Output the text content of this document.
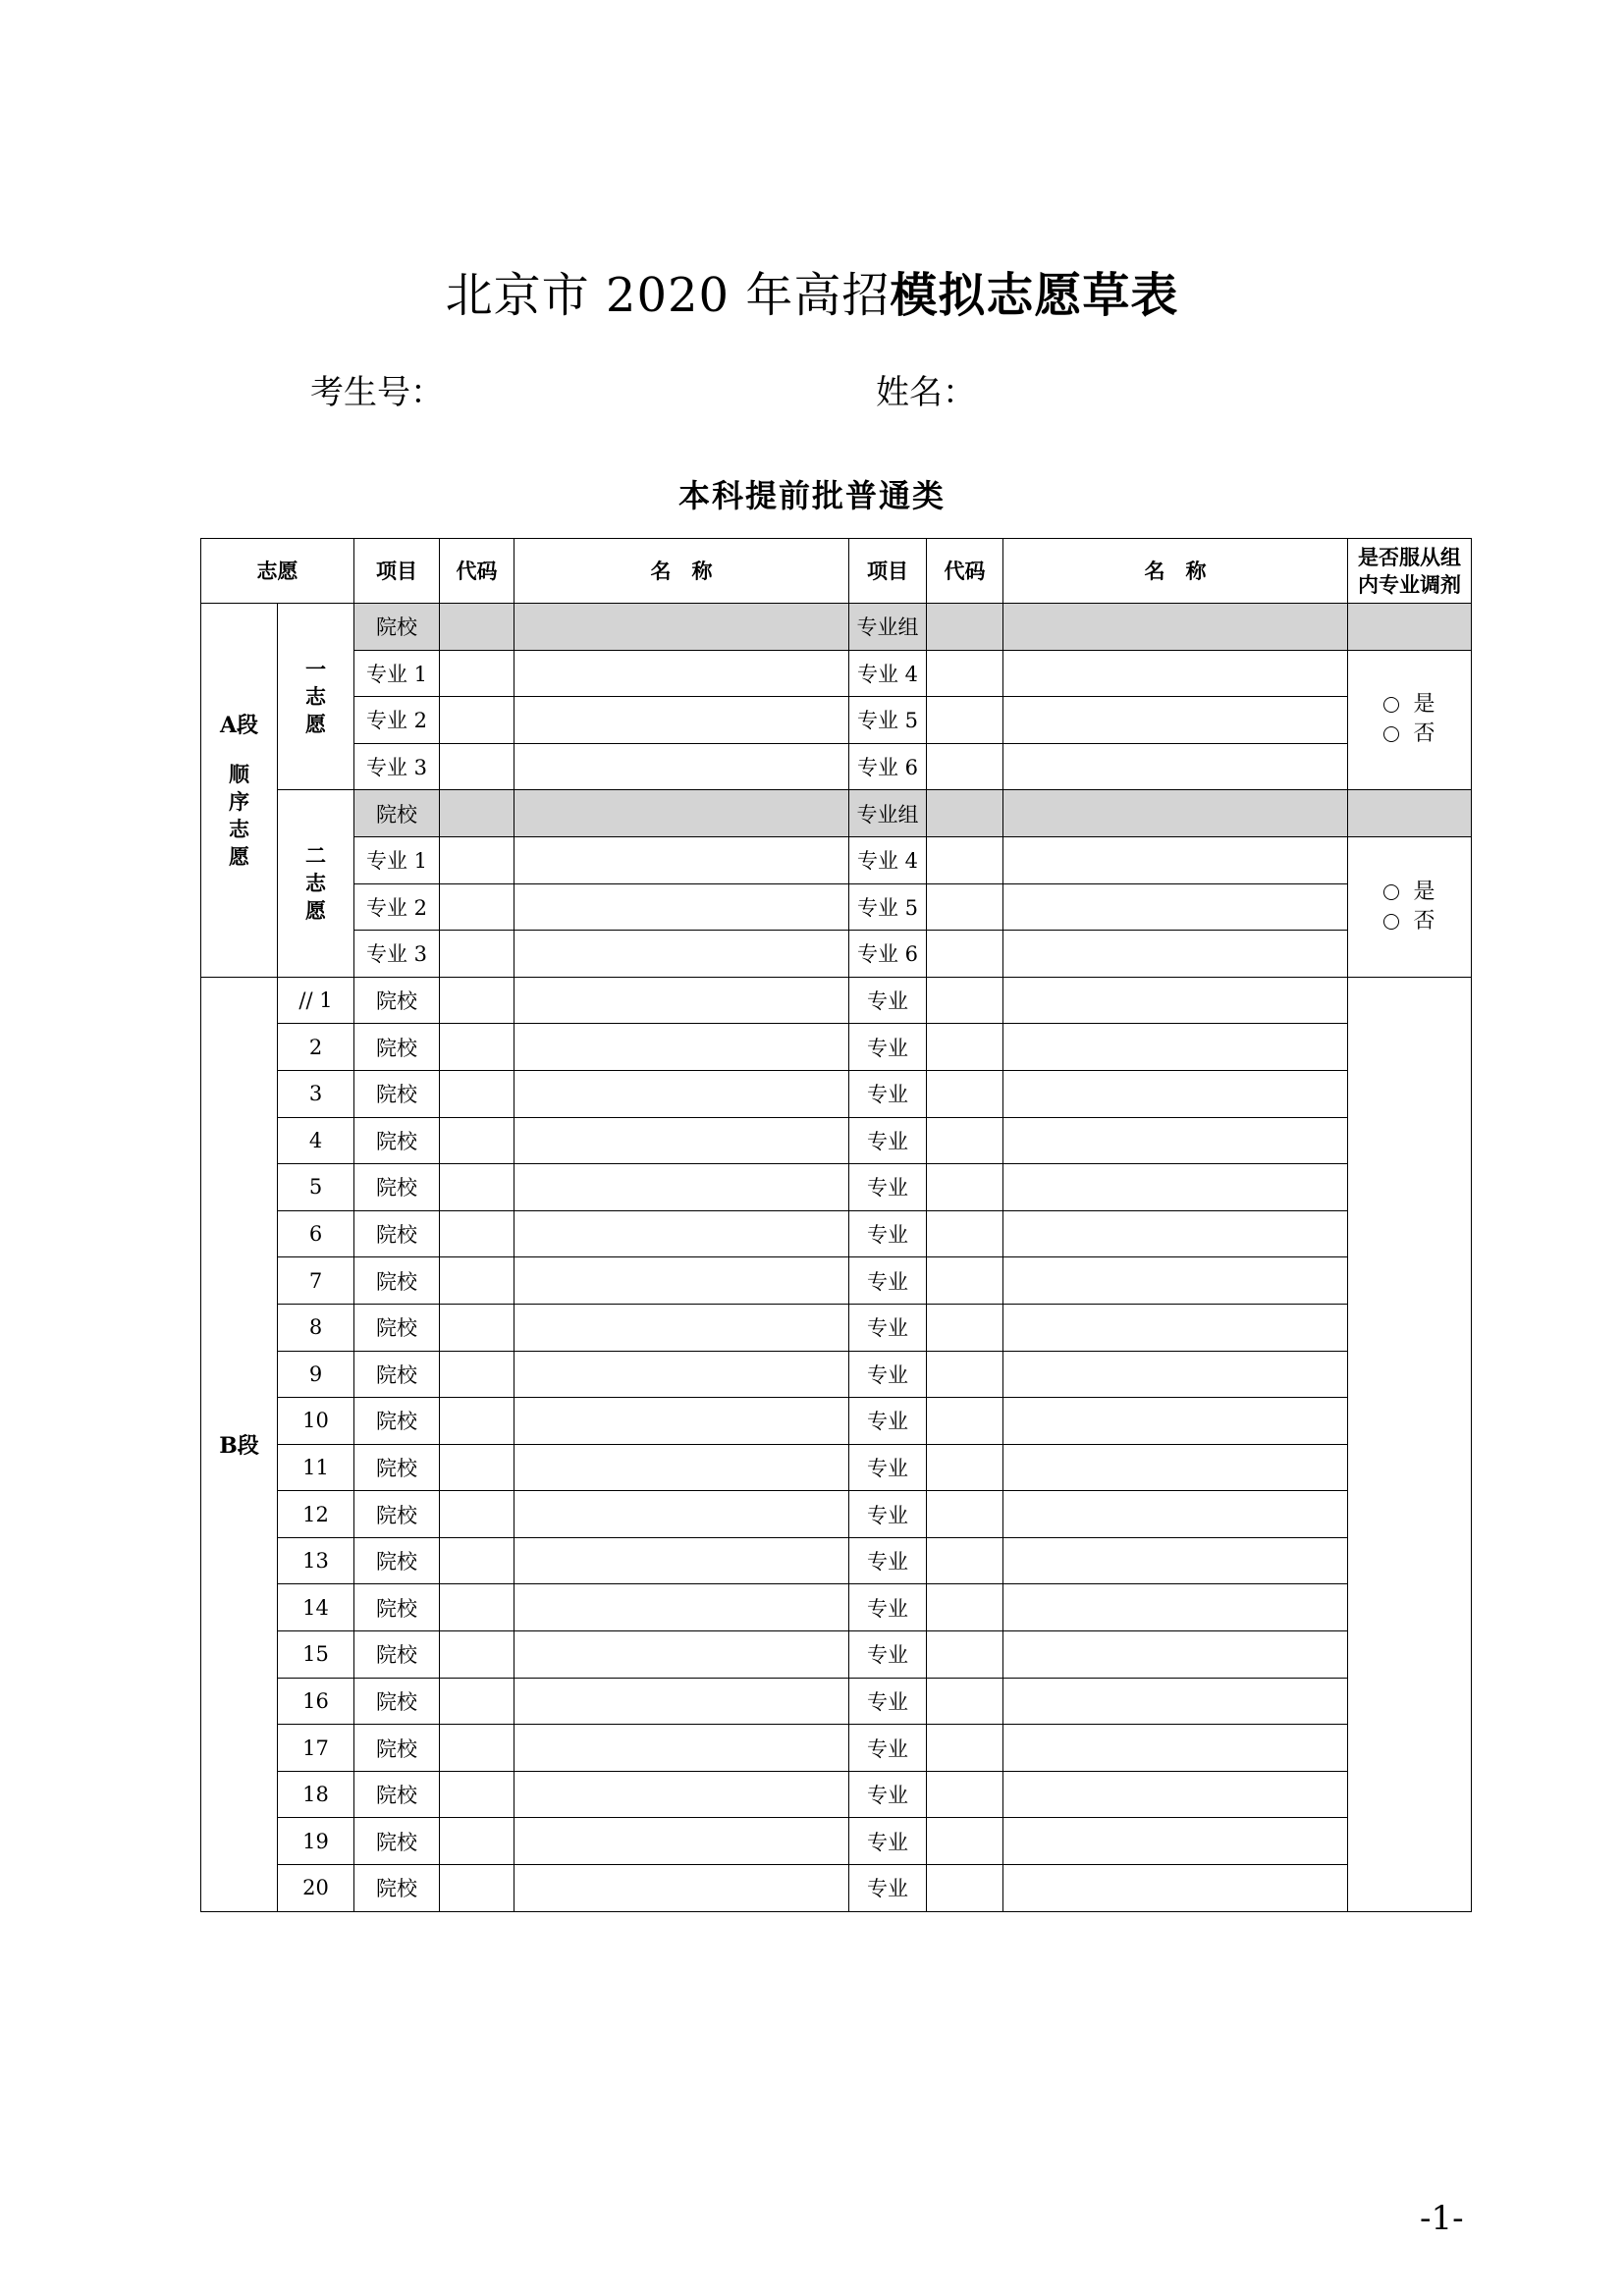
北京市 2020 年高招模拟志愿草表
考生号：	姓名：
本科提前批普通类
志愿		项目	代码	名　称	项目	代码	名　称	是否服从组内专业调剂

A段
顺序志愿	一志愿	院校			专业组			
		专业 1			专业 4			是
否

		专业 2			专业 5			
		专业 3			专业 6			
	二志愿	院校			专业组			
		专业 1			专业 4			是
否

		专业 2			专业 5			
		专业 3			专业 6			
B段	// 1	院校			专业			
	2	院校			专业			
	3	院校			专业			
	4	院校			专业			
	5	院校			专业			
	6	院校			专业			
	7	院校			专业			
	8	院校			专业			
	9	院校			专业			
	10	院校			专业			
	11	院校			专业			
	12	院校			专业			
	13	院校			专业			
	14	院校			专业			
	15	院校			专业			
	16	院校			专业			
	17	院校			专业			
	18	院校			专业			
	19	院校			专业			
	20	院校			专业			
-1-
